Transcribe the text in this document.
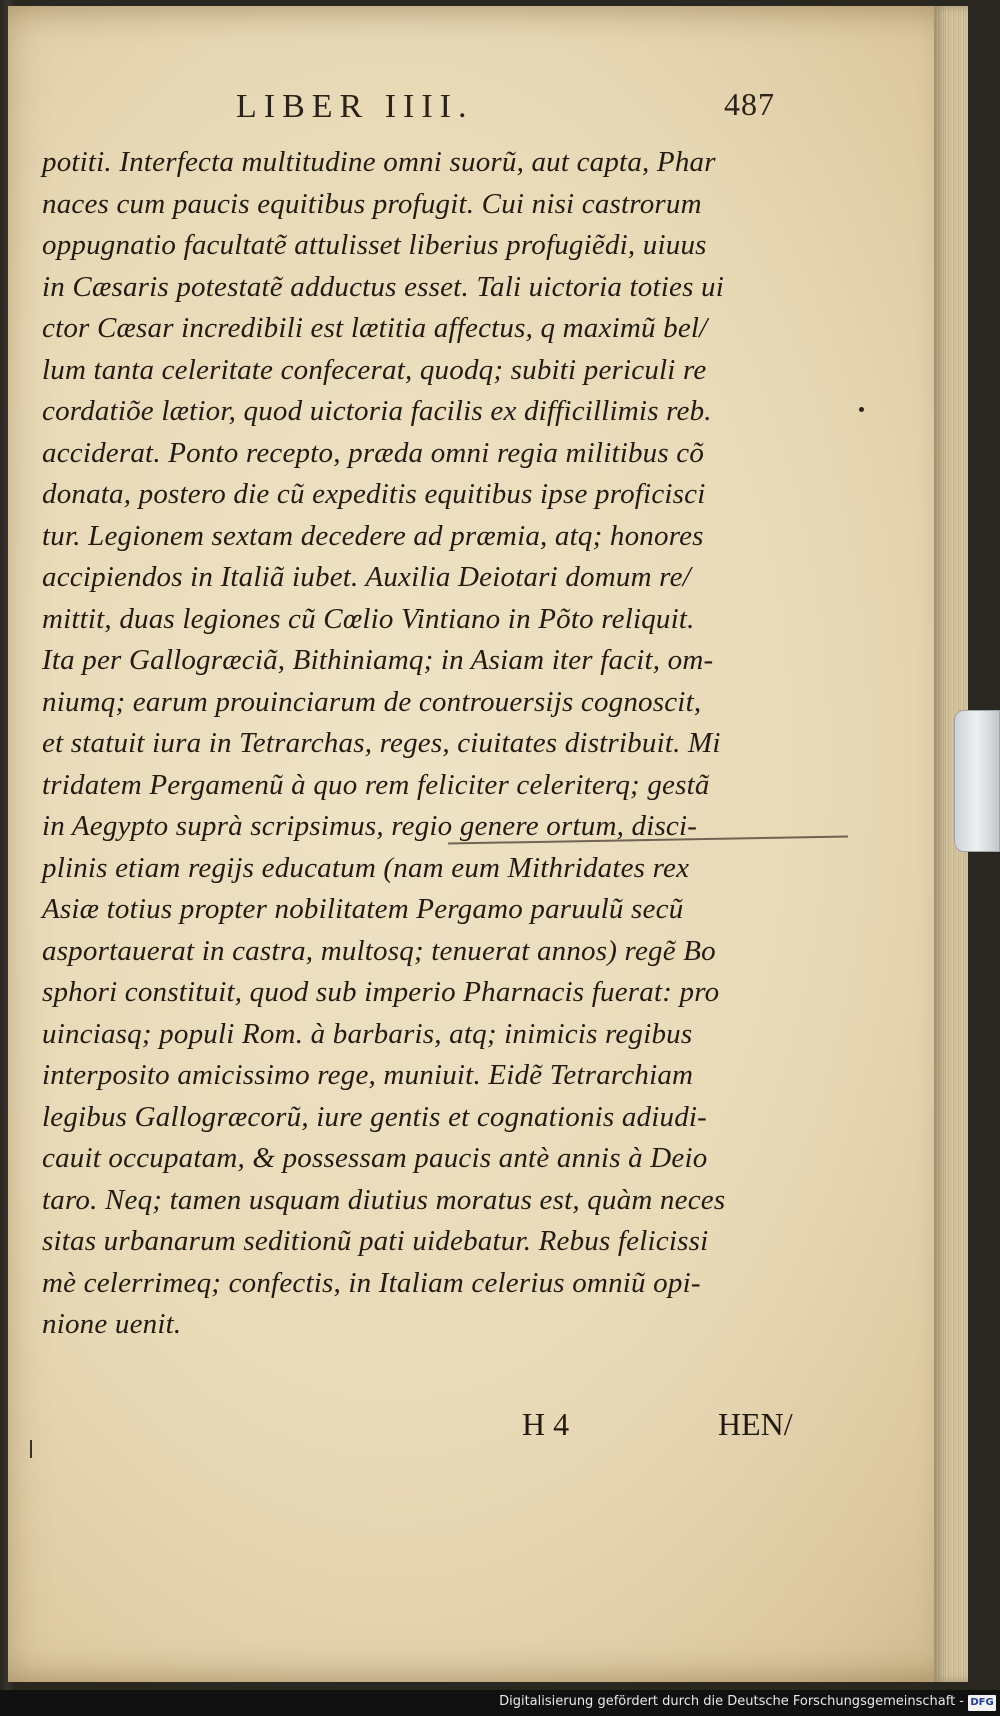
LIBER IIII.	487
potiti. Interfecta multitudine omni suorũ, aut capta, Phar
naces cum paucis equitibus profugit. Cui nisi castrorum
oppugnatio facultatẽ attulisset liberius profugiẽdi, uiuus
in Cæsaris potestatẽ adductus esset. Tali uictoria toties ui
ctor Cæsar incredibili est lætitia affectus, q maximũ bel/
lum tanta celeritate confecerat, quodq; subiti periculi re
cordatiõe lætior, quod uictoria facilis ex difficillimis reb.
acciderat. Ponto recepto, præda omni regia militibus cõ
donata, postero die cũ expeditis equitibus ipse proficisci
tur. Legionem sextam decedere ad præmia, atq; honores
accipiendos in Italiã iubet. Auxilia Deiotari domum re/
mittit, duas legiones cũ Cœlio Vintiano in Põto reliquit.
Ita per Gallogræciã, Bithiniamq; in Asiam iter facit, om-
niumq; earum prouinciarum de controuersijs cognoscit,
et statuit iura in Tetrarchas, reges, ciuitates distribuit. Mi
tridatem Pergamenũ à quo rem feliciter celeriterq; gestã
in Aegypto suprà scripsimus, regio genere ortum, disci-
plinis etiam regijs educatum (nam eum Mithridates rex
Asiæ totius propter nobilitatem Pergamo paruulũ secũ
asportauerat in castra, multosq; tenuerat annos) regẽ Bo
sphori constituit, quod sub imperio Pharnacis fuerat: pro
uinciasq; populi Rom. à barbaris, atq; inimicis regibus
interposito amicissimo rege, muniuit. Eidẽ Tetrarchiam
legibus Gallogræcorũ, iure gentis et cognationis adiudi-
cauit occupatam, & possessam paucis antè annis à Deio
taro. Neq; tamen usquam diutius moratus est, quàm neces
sitas urbanarum seditionũ pati uidebatur. Rebus felicissi
mè celerrimeq; confectis, in Italiam celerius omniũ opi-
nione uenit.
H 4	HEN/
Digitalisierung gefördert durch die Deutsche Forschungsgemeinschaft - DFG
